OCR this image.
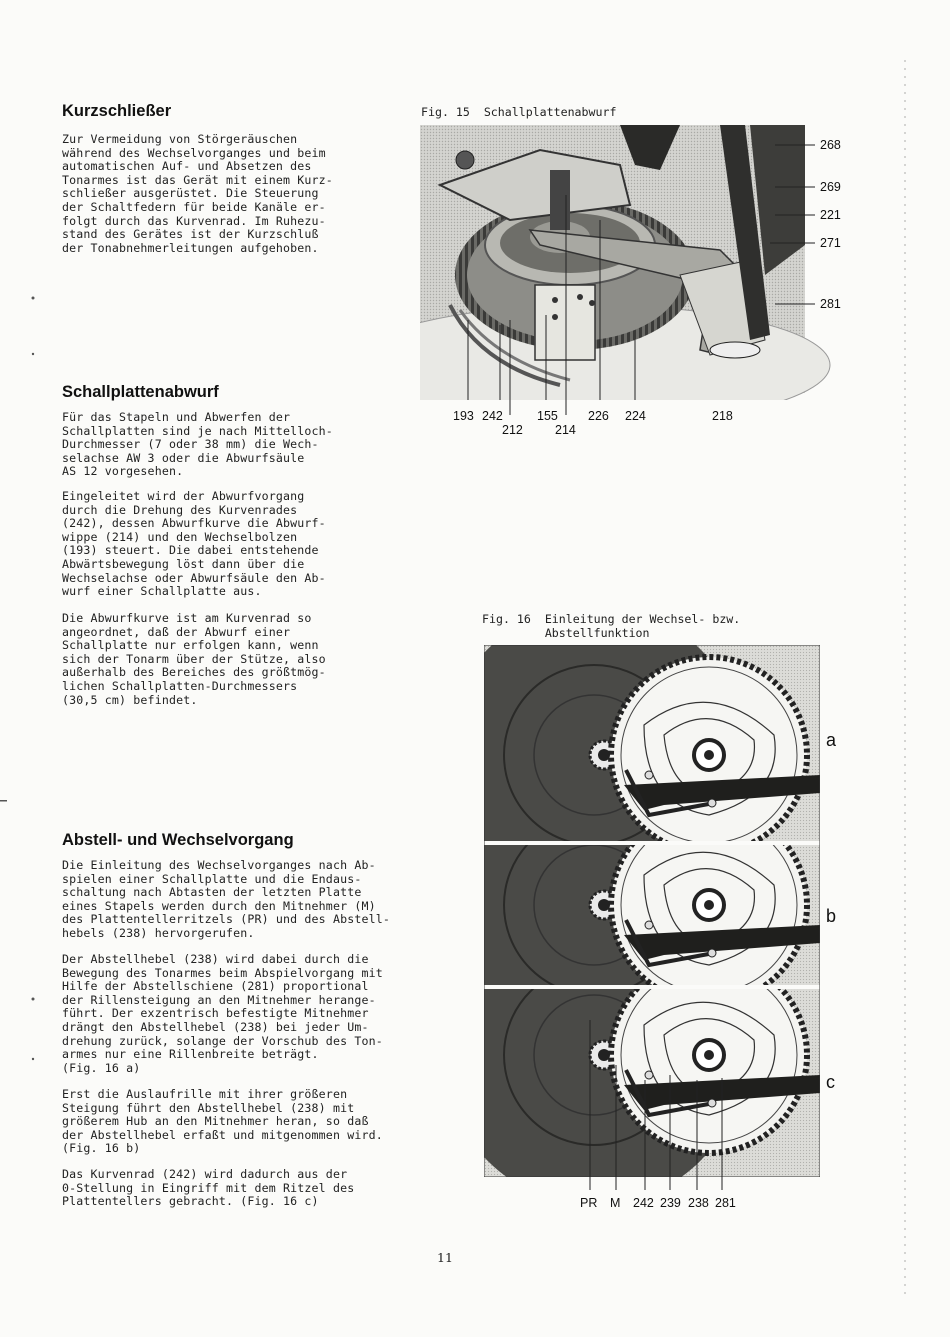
Kurzschließer

Zur Vermeidung von Störgeräuschen
während des Wechselvorganges und beim
automatischen Auf- und Absetzen des
Tonarmes ist das Gerät mit einem Kurz-
schließer ausgerüstet. Die Steuerung
der Schaltfedern für beide Kanäle er-
folgt durch das Kurvenrad. Im Ruhezu-
stand des Gerätes ist der Kurzschluß
der Tonabnehmerleitungen aufgehoben.

Schallplattenabwurf

Für das Stapeln und Abwerfen der
Schallplatten sind je nach Mittelloch-
Durchmesser (7 oder 38 mm) die Wech-
selachse AW 3 oder die Abwurfsäule
AS 12 vorgesehen.

Eingeleitet wird der Abwurfvorgang
durch die Drehung des Kurvenrades
(242), dessen Abwurfkurve die Abwurf-
wippe (214) und den Wechselbolzen
(193) steuert. Die dabei entstehende
Abwärtsbewegung löst dann über die
Wechselachse oder Abwurfsäule den Ab-
wurf einer Schallplatte aus.

Die Abwurfkurve ist am Kurvenrad so
angeordnet, daß der Abwurf einer
Schallplatte nur erfolgen kann, wenn
sich der Tonarm über der Stütze, also
außerhalb des Bereiches des größtmög-
lichen Schallplatten-Durchmessers
(30,5 cm) befindet.

Abstell- und Wechselvorgang

Die Einleitung des Wechselvorganges nach Ab-
spielen einer Schallplatte und die Endaus-
schaltung nach Abtasten der letzten Platte
eines Stapels werden durch den Mitnehmer (M)
des Plattentellerritzels (PR) und des Abstell-
hebels (238) hervorgerufen.

Der Abstellhebel (238) wird dabei durch die
Bewegung des Tonarmes beim Abspielvorgang mit
Hilfe der Abstellschiene (281) proportional
der Rillensteigung an den Mitnehmer herange-
führt. Der exzentrisch befestigte Mitnehmer
drängt den Abstellhebel (238) bei jeder Um-
drehung zurück, solange der Vorschub des Ton-
armes nur eine Rillenbreite beträgt.
(Fig. 16 a)

Erst die Auslaufrille mit ihrer größeren
Steigung führt den Abstellhebel (238) mit
größerem Hub an den Mitnehmer heran, so daß
der Abstellhebel erfaßt und mitgenommen wird.
(Fig. 16 b)

Das Kurvenrad (242) wird dadurch aus der
0-Stellung in Eingriff mit dem Ritzel des
Plattentellers gebracht. (Fig. 16 c)

Fig. 15  Schallplattenabwurf

268
269
221
271
281
193 242
212
155
214
226 224	218

Fig. 16  Einleitung der Wechsel- bzw.
Abstellfunktion

a
b
c
PR M 242 239 238 281
11
